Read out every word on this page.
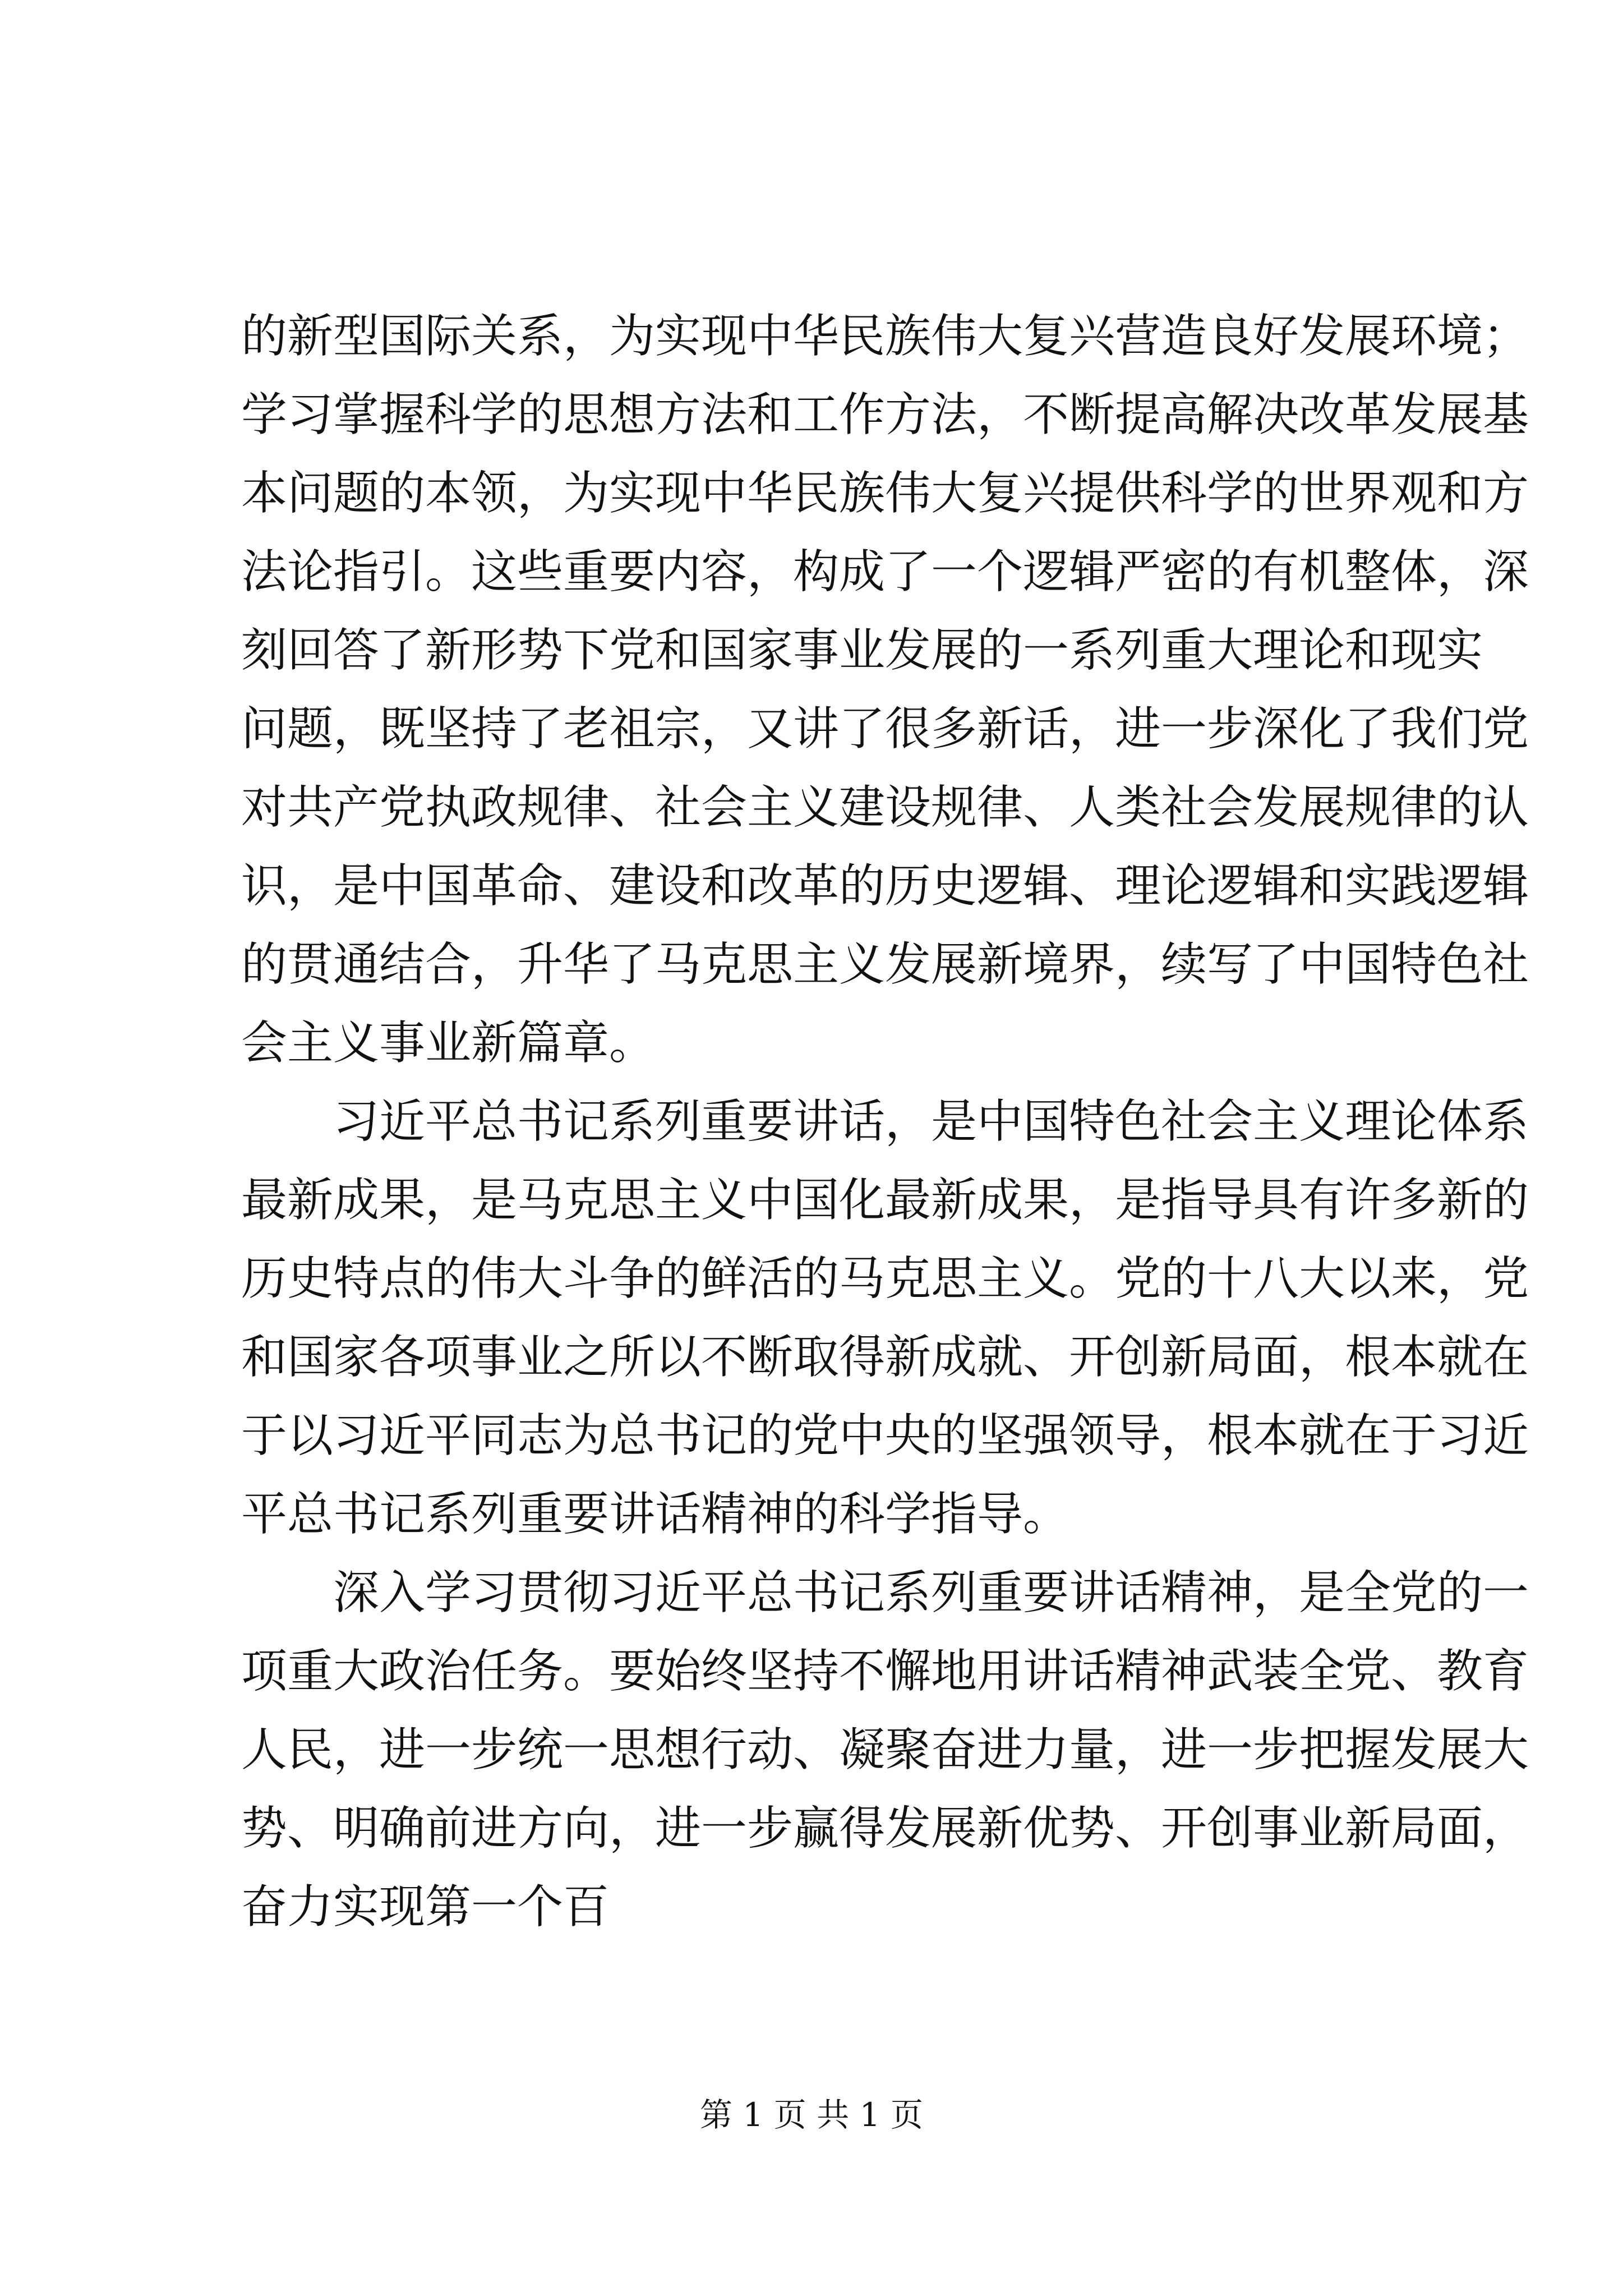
的新型国际关系，为实现中华民族伟大复兴营造良好发展环境；
学习掌握科学的思想方法和工作方法，不断提高解决改革发展基
本问题的本领，为实现中华民族伟大复兴提供科学的世界观和方
法论指引。这些重要内容，构成了一个逻辑严密的有机整体，深
刻回答了新形势下党和国家事业发展的一系列重大理论和现实
问题，既坚持了老祖宗，又讲了很多新话，进一步深化了我们党
对共产党执政规律、社会主义建设规律、人类社会发展规律的认
识，是中国革命、建设和改革的历史逻辑、理论逻辑和实践逻辑
的贯通结合，升华了马克思主义发展新境界，续写了中国特色社
会主义事业新篇章。
习近平总书记系列重要讲话，是中国特色社会主义理论体系
最新成果，是马克思主义中国化最新成果，是指导具有许多新的
历史特点的伟大斗争的鲜活的马克思主义。党的十八大以来，党
和国家各项事业之所以不断取得新成就、开创新局面，根本就在
于以习近平同志为总书记的党中央的坚强领导，根本就在于习近
平总书记系列重要讲话精神的科学指导。
深入学习贯彻习近平总书记系列重要讲话精神，是全党的一
项重大政治任务。要始终坚持不懈地用讲话精神武装全党、教育
人民，进一步统一思想行动、凝聚奋进力量，进一步把握发展大
势、明确前进方向，进一步赢得发展新优势、开创事业新局面，
奋力实现第一个百
第 1 页 共 1 页
